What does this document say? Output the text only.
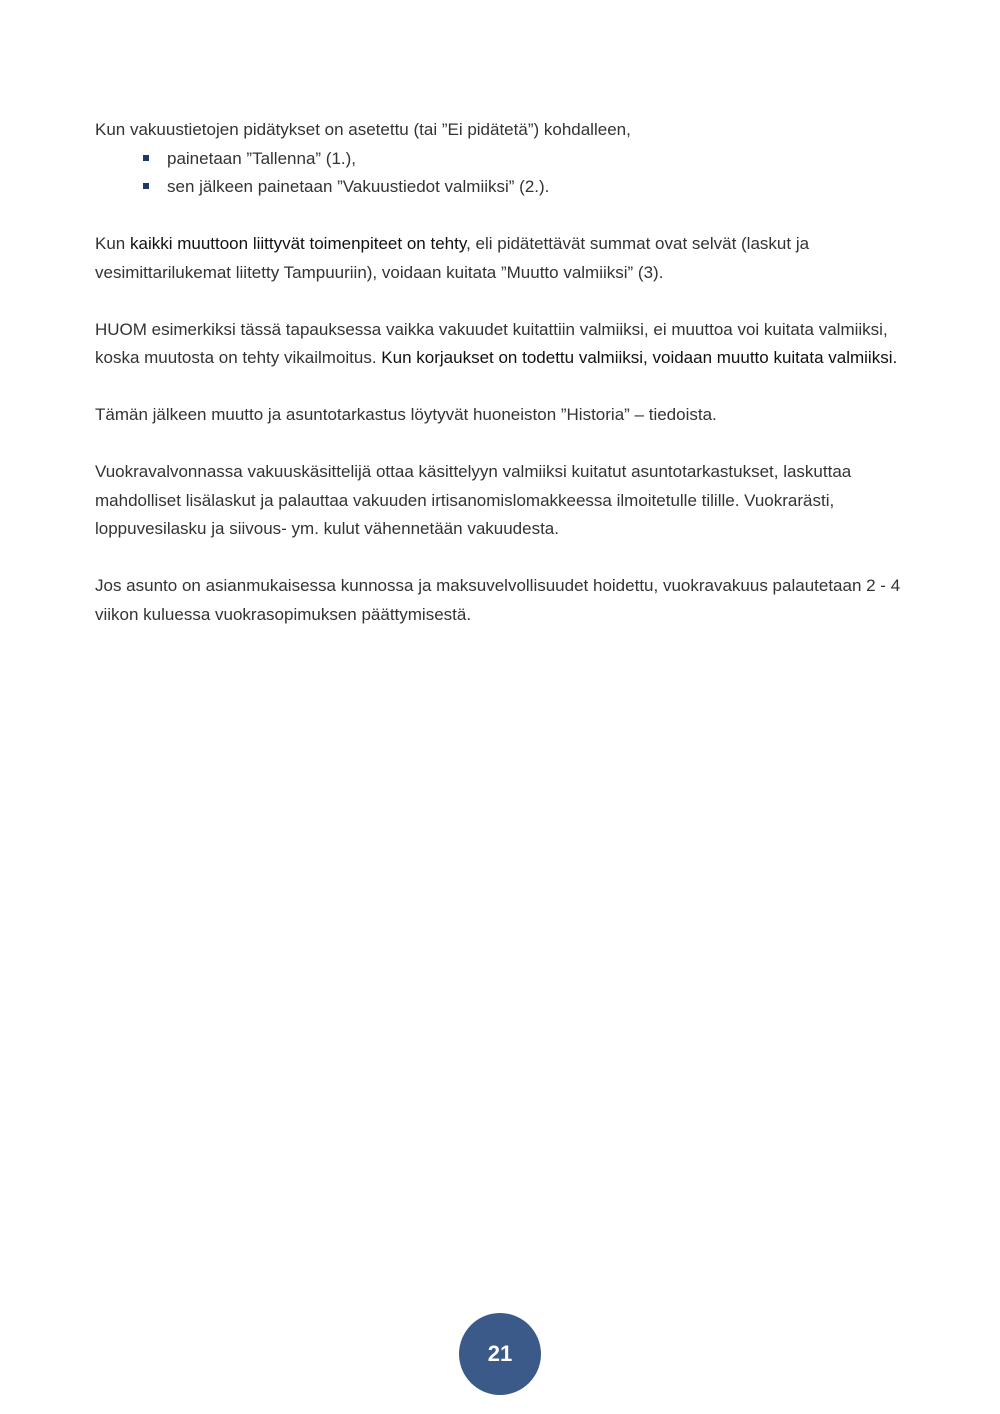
Kun vakuustietojen pidätykset on asetettu (tai ”Ei pidätetä”) kohdalleen,
painetaan ”Tallenna” (1.),
sen jälkeen painetaan ”Vakuustiedot valmiiksi” (2.).

Kun kaikki muuttoon liittyvät toimenpiteet on tehty, eli pidätettävät summat ovat selvät (laskut ja vesimittarilukemat liitetty Tampuuriin), voidaan kuitata ”Muutto valmiiksi” (3).

HUOM esimerkiksi tässä tapauksessa vaikka vakuudet kuitattiin valmiiksi, ei muuttoa voi kuitata valmiiksi, koska muutosta on tehty vikailmoitus. Kun korjaukset on todettu valmiiksi, voidaan muutto kuitata valmiiksi.

Tämän jälkeen muutto ja asuntotarkastus löytyvät huoneiston ”Historia” – tiedoista.

Vuokravalvonnassa vakuuskäsittelijä ottaa käsittelyyn valmiiksi kuitatut asuntotarkastukset, laskuttaa mahdolliset lisälaskut ja palauttaa vakuuden irtisanomislomakkeessa ilmoitetulle tilille. Vuokrarästi, loppuvesilasku ja siivous- ym. kulut vähennetään vakuudesta.

Jos asunto on asianmukaisessa kunnossa ja maksuvelvollisuudet hoidettu, vuokravakuus palautetaan 2 - 4 viikon kuluessa vuokrasopimuksen päättymisestä.

21
